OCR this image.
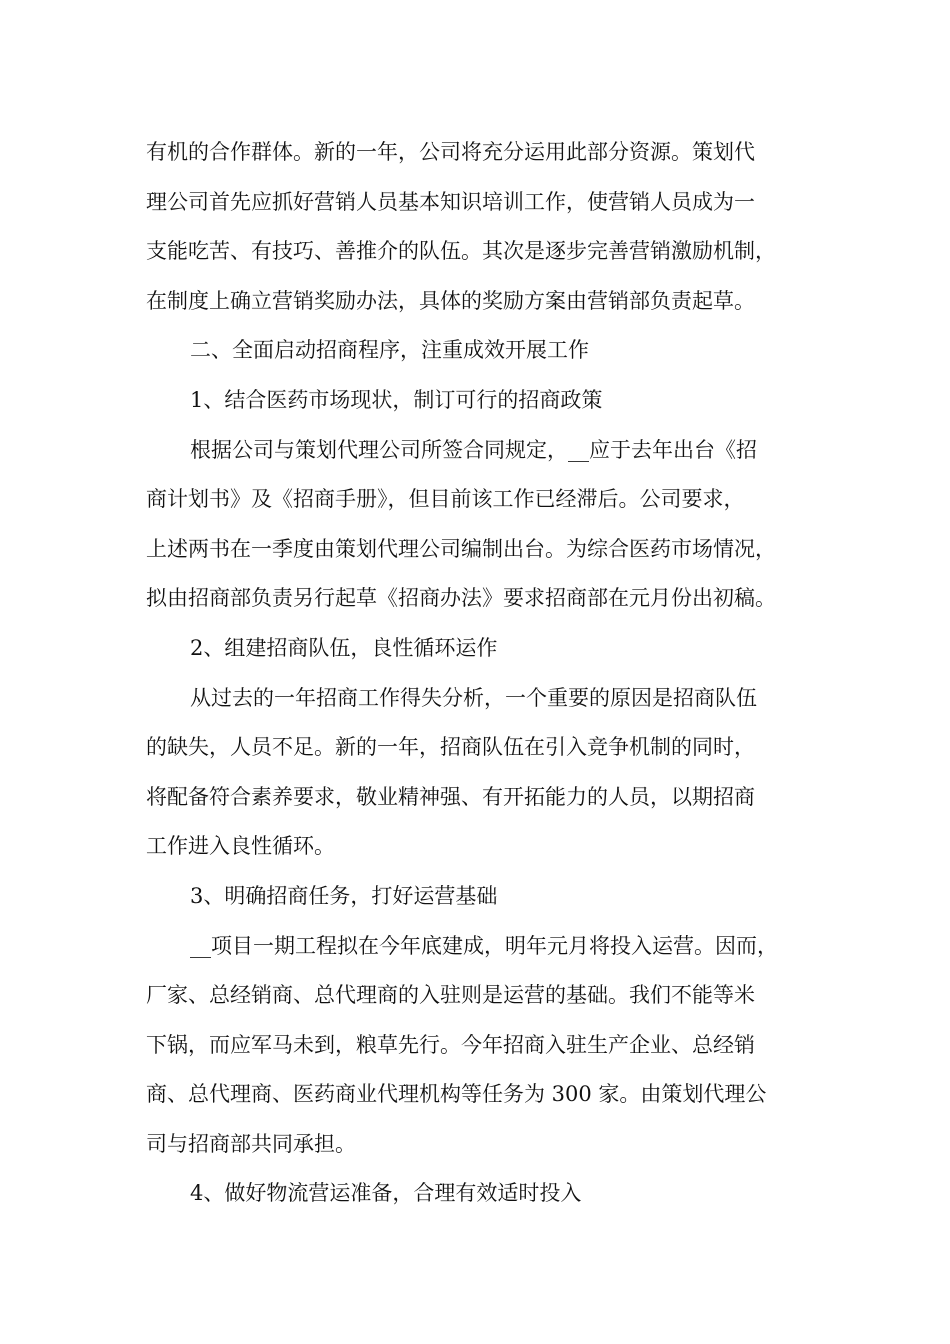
有机的合作群体。新的一年，公司将充分运用此部分资源。策划代
理公司首先应抓好营销人员基本知识培训工作，使营销人员成为一
支能吃苦、有技巧、善推介的队伍。其次是逐步完善营销激励机制，
在制度上确立营销奖励办法，具体的奖励方案由营销部负责起草。
二、全面启动招商程序，注重成效开展工作
1、结合医药市场现状，制订可行的招商政策
根据公司与策划代理公司所签合同规定，__应于去年出台《招
商计划书》及《招商手册》，但目前该工作已经滞后。公司要求，
上述两书在一季度由策划代理公司编制出台。为综合医药市场情况，
拟由招商部负责另行起草《招商办法》要求招商部在元月份出初稿。
2、组建招商队伍，良性循环运作
从过去的一年招商工作得失分析，一个重要的原因是招商队伍
的缺失，人员不足。新的一年，招商队伍在引入竞争机制的同时，
将配备符合素养要求，敬业精神强、有开拓能力的人员，以期招商
工作进入良性循环。
3、明确招商任务，打好运营基础
__项目一期工程拟在今年底建成，明年元月将投入运营。因而，
厂家、总经销商、总代理商的入驻则是运营的基础。我们不能等米
下锅，而应军马未到，粮草先行。今年招商入驻生产企业、总经销
商、总代理商、医药商业代理机构等任务为 300 家。由策划代理公
司与招商部共同承担。
4、做好物流营运准备，合理有效适时投入
